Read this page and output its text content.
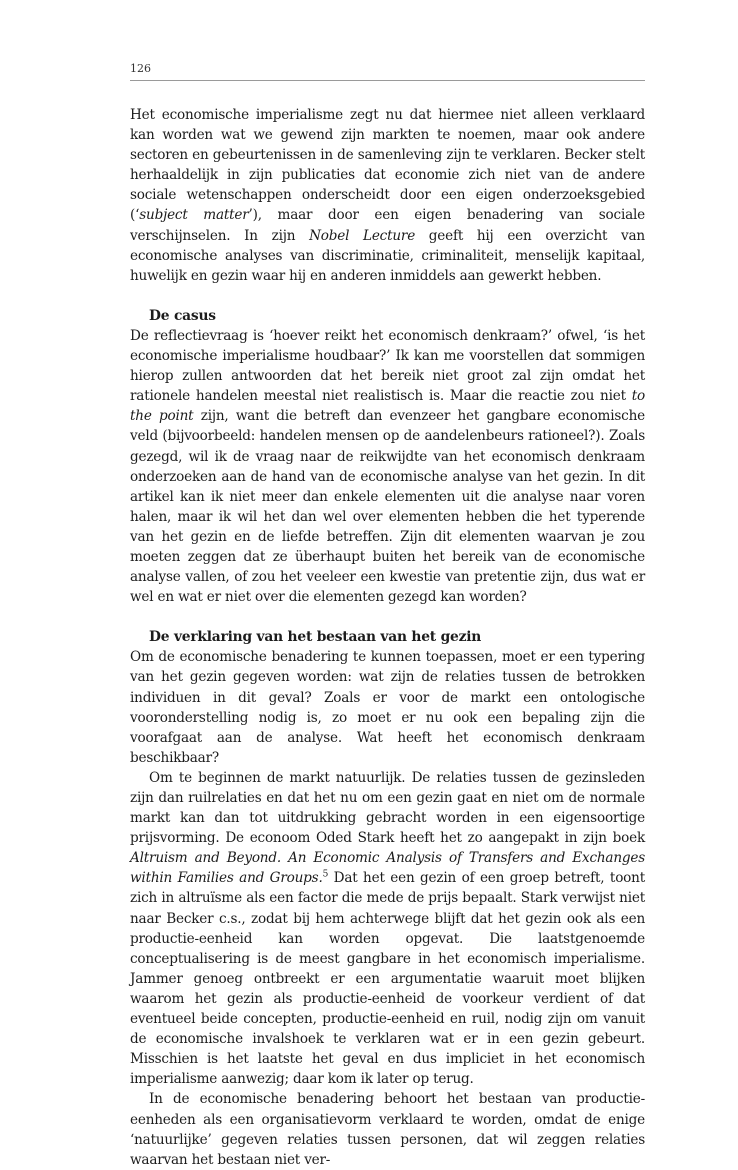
126

Het economische imperialisme zegt nu dat hiermee niet alleen verklaard kan worden wat we gewend zijn markten te noemen, maar ook andere sectoren en gebeurtenissen in de samenleving zijn te verklaren. Becker stelt herhaaldelijk in zijn publicaties dat economie zich niet van de andere sociale wetenschappen onderscheidt door een eigen onderzoeksgebied (‘subject matter’), maar door een eigen benadering van sociale verschijnselen. In zijn Nobel Lecture geeft hij een overzicht van economische analyses van discriminatie, criminaliteit, menselijk kapitaal, huwelijk en gezin waar hij en anderen inmiddels aan gewerkt hebben.

De casus

De reflectievraag is ‘hoever reikt het economisch denkraam?’ ofwel, ‘is het economische imperialisme houdbaar?’ Ik kan me voorstellen dat sommigen hierop zullen antwoorden dat het bereik niet groot zal zijn omdat het rationele handelen meestal niet realistisch is. Maar die reactie zou niet to the point zijn, want die betreft dan evenzeer het gangbare economische veld (bijvoorbeeld: handelen mensen op de aandelenbeurs rationeel?). Zoals gezegd, wil ik de vraag naar de reikwijdte van het economisch denkraam onderzoeken aan de hand van de economische analyse van het gezin. In dit artikel kan ik niet meer dan enkele elementen uit die analyse naar voren halen, maar ik wil het dan wel over elementen hebben die het typerende van het gezin en de liefde betreffen. Zijn dit elementen waarvan je zou moeten zeggen dat ze überhaupt buiten het bereik van de economische analyse vallen, of zou het veeleer een kwestie van pretentie zijn, dus wat er wel en wat er niet over die elementen gezegd kan worden?

De verklaring van het bestaan van het gezin

Om de economische benadering te kunnen toepassen, moet er een typering van het gezin gegeven worden: wat zijn de relaties tussen de betrokken individuen in dit geval? Zoals er voor de markt een ontologische vooronderstelling nodig is, zo moet er nu ook een bepaling zijn die voorafgaat aan de analyse. Wat heeft het economisch denkraam beschikbaar?

Om te beginnen de markt natuurlijk. De relaties tussen de gezinsleden zijn dan ruilrelaties en dat het nu om een gezin gaat en niet om de normale markt kan dan tot uitdrukking gebracht worden in een eigensoortige prijsvorming. De econoom Oded Stark heeft het zo aangepakt in zijn boek Altruism and Beyond. An Economic Analysis of Transfers and Exchanges within Families and Groups.$^5$ Dat het een gezin of een groep betreft, toont zich in altruïsme als een factor die mede de prijs bepaalt. Stark verwijst niet naar Becker c.s., zodat bij hem achterwege blijft dat het gezin ook als een productie-eenheid kan worden opgevat. Die laatstgenoemde conceptualisering is de meest gangbare in het economisch imperialisme. Jammer genoeg ontbreekt er een argumentatie waaruit moet blijken waarom het gezin als productie-eenheid de voorkeur verdient of dat eventueel beide concepten, productie-eenheid en ruil, nodig zijn om vanuit de economische invalshoek te verklaren wat er in een gezin gebeurt. Misschien is het laatste het geval en dus impliciet in het economisch imperialisme aanwezig; daar kom ik later op terug.

In de economische benadering behoort het bestaan van productie-eenheden als een organisatievorm verklaard te worden, omdat de enige ‘natuurlijke’ gegeven relaties tussen personen, dat wil zeggen relaties waarvan het bestaan niet ver-
